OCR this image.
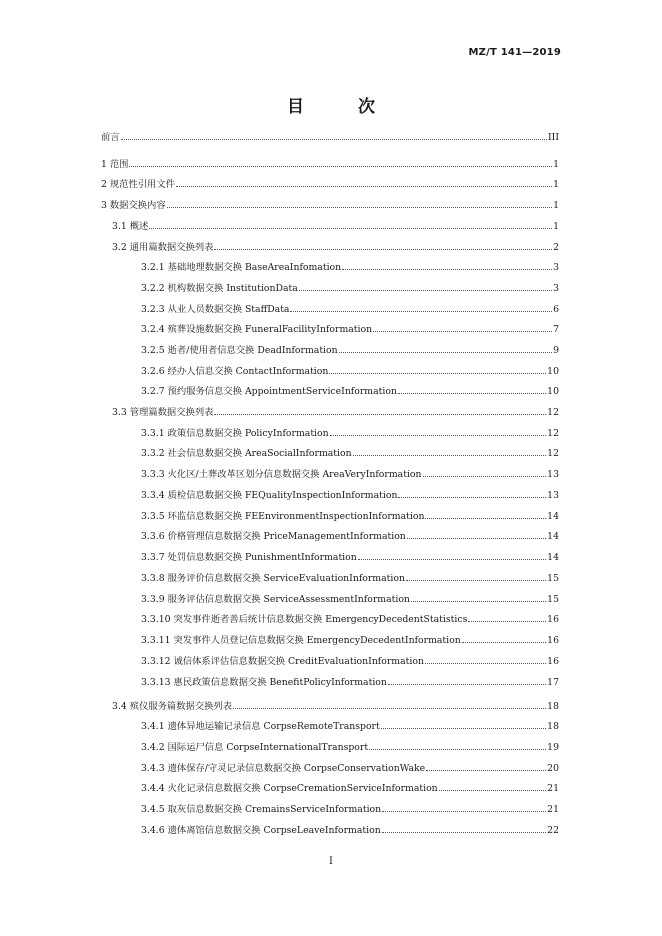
MZ/T 141—2019
目 次
前言	III
1 范围	1
2 规范性引用文件	1
3 数据交换内容	1
3.1 概述	1
3.2 通用篇数据交换列表	2
3.2.1 基础地理数据交换 BaseAreaInfomation	3
3.2.2 机构数据交换 InstitutionData	3
3.2.3 从业人员数据交换 StaffData	6
3.2.4 殡葬设施数据交换 FuneralFacilityInformation	7
3.2.5 逝者/使用者信息交换 DeadInformation	9
3.2.6 经办人信息交换 ContactInformation	10
3.2.7 预约服务信息交换 AppointmentServiceInformation	10
3.3 管理篇数据交换列表	12
3.3.1 政策信息数据交换 PolicyInformation	12
3.3.2 社会信息数据交换 AreaSocialInformation	12
3.3.3 火化区/土葬改革区划分信息数据交换 AreaVeryInformation	13
3.3.4 质检信息数据交换 FEQualityInspectionInformation	13
3.3.5 环监信息数据交换 FEEnvironmentInspectionInformation	14
3.3.6 价格管理信息数据交换 PriceManagementInformation	14
3.3.7 处罚信息数据交换 PunishmentInformation	14
3.3.8 服务评价信息数据交换 ServiceEvaluationInformation	15
3.3.9 服务评估信息数据交换 ServiceAssessmentInformation	15
3.3.10 突发事件逝者善后统计信息数据交换 EmergencyDecedentStatistics	16
3.3.11 突发事件人员登记信息数据交换 EmergencyDecedentInformation	16
3.3.12 诚信体系评估信息数据交换 CreditEvaluationInformation	16
3.3.13 惠民政策信息数据交换 BenefitPolicyInformation	17
3.4 殡仪服务篇数据交换列表	18
3.4.1 遗体异地运输记录信息 CorpseRemoteTransport	18
3.4.2 国际运尸信息 CorpseInternationalTransport	19
3.4.3 遗体保存/守灵记录信息数据交换 CorpseConservationWake	20
3.4.4 火化记录信息数据交换 CorpseCremationServiceInformation	21
3.4.5 取灰信息数据交换 CremainsServiceInformation	21
3.4.6 遗体离馆信息数据交换 CorpseLeaveInformation	22
I
